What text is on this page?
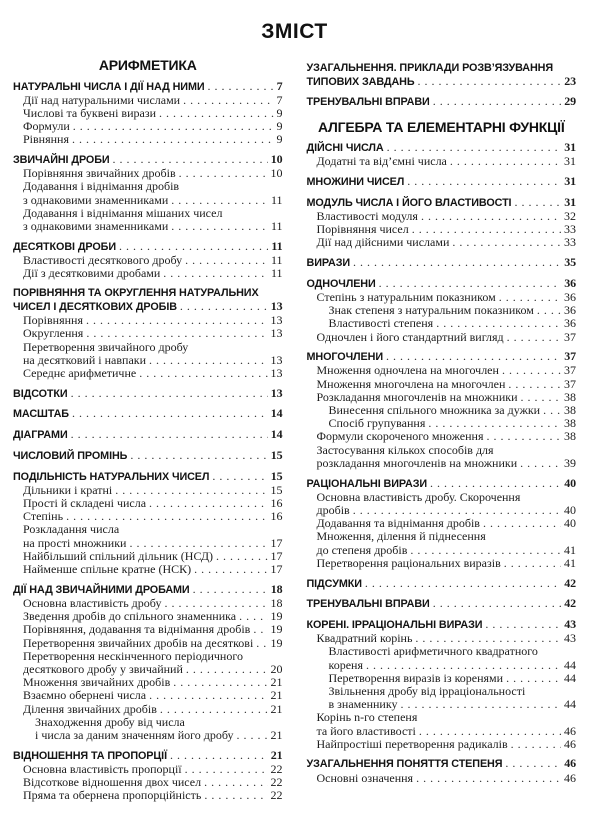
ЗМІСТ
АРИФМЕТИКА
НАТУРАЛЬНІ ЧИСЛА І ДІЇ НАД НИМИ . . .	7
Дії над натуральними числами . . .	7
Числові та буквені вирази . . .	9
Формули . . .	9
Рівняння . . .	9
ЗВИЧАЙНІ ДРОБИ . . .	10
Порівняння звичайних дробів . . .	10
Додавання і віднімання дробів
з однаковими знаменниками . . .	11
Додавання і віднімання мішаних чисел
з однаковими знаменниками . . .	11
ДЕСЯТКОВІ ДРОБИ . . .	11
Властивості десяткового дробу . . .	11
Дії з десятковими дробами . . .	11
ПОРІВНЯННЯ ТА ОКРУГЛЕННЯ НАТУРАЛЬНИХ
ЧИСЕЛ І ДЕСЯТКОВИХ ДРОБІВ . . .	13
Порівняння . . .	13
Округлення . . .	13
Перетворення звичайного дробу
на десятковий і навпаки . . .	13
Середнє арифметичне . . .	13
ВІДСОТКИ . . .	13
МАСШТАБ . . .	14
ДІАГРАМИ . . .	14
ЧИСЛОВИЙ ПРОМІНЬ . . .	15
ПОДІЛЬНІСТЬ НАТУРАЛЬНИХ ЧИСЕЛ . . .	15
Дільники і кратні . . .	15
Прості й складені числа . . .	16
Степінь . . .	16
Розкладання числа
на прості множники . . .	17
Найбільший спільний дільник (НСД) . . .	17
Найменше спільне кратне (НСК) . . .	17
ДІЇ НАД ЗВИЧАЙНИМИ ДРОБАМИ . . .	18
Основна властивість дробу . . .	18
Зведення дробів до спільного знаменника . . .	19
Порівняння, додавання та віднімання дробів . . . 19
Перетворення звичайних дробів на десяткові . . . 19
Перетворення нескінченного періодичного
десяткового дробу у звичайний . . .	20
Множення звичайних дробів . . .	21
Взаємно обернені числа . . .	21
Ділення звичайних дробів . . .	21
Знаходження дробу від числа
і числа за даним значенням його дробу . . .	21
ВІДНОШЕННЯ ТА ПРОПОРЦІЇ . . .	21
Основна властивість пропорції . . .	22
Відсоткове відношення двох чисел . . .	22
Пряма та обернена пропорційність . . .	22
УЗАГАЛЬНЕННЯ. ПРИКЛАДИ РОЗВ’ЯЗУВАННЯ
ТИПОВИХ ЗАВДАНЬ . . .	23
ТРЕНУВАЛЬНІ ВПРАВИ . . .	29
АЛГЕБРА ТА ЕЛЕМЕНТАРНІ ФУНКЦІЇ
ДІЙСНІ ЧИСЛА . . .	31
Додатні та від’ємні числа . . .	31
МНОЖИНИ ЧИСЕЛ . . .	31
МОДУЛЬ ЧИСЛА І ЙОГО ВЛАСТИВОСТІ . . .	31
Властивості модуля . . .	32
Порівняння чисел . . .	33
Дії над дійсними числами . . .	33
ВИРАЗИ . . .	35
ОДНОЧЛЕНИ . . .	36
Степінь з натуральним показником . . .	36
Знак степеня з натуральним показником . . .	36
Властивості степеня . . .	36
Одночлен і його стандартний вигляд . . .	37
МНОГОЧЛЕНИ . . .	37
Множення одночлена на многочлен . . .	37
Множення многочлена на многочлен . . .	37
Розкладання многочленів на множники . . .	38
Винесення спільного множника за дужки . . . 38
Спосіб групування . . .	38
Формули скороченого множення . . .	38
Застосування кількох способів для
розкладання многочленів на множники . . .	39
РАЦІОНАЛЬНІ ВИРАЗИ . . .	40
Основна властивість дробу. Скорочення
дробів . . .	40
Додавання та віднімання дробів . . .	40
Множення, ділення й піднесення
до степеня дробів . . .	41
Перетворення раціональних виразів . . .	41
ПІДСУМКИ . . .	42
ТРЕНУВАЛЬНІ ВПРАВИ . . .	42
КОРЕНІ. ІРРАЦІОНАЛЬНІ ВИРАЗИ . . .	43
Квадратний корінь . . .	43
Властивості арифметичного квадратного
кореня . . .	44
Перетворення виразів із коренями . . .	44
Звільнення дробу від ірраціональності
в знаменнику . . .	44
Корінь n-го степеня
та його властивості . . .	46
Найпростіші перетворення радикалів . . .	46
УЗАГАЛЬНЕННЯ ПОНЯТТЯ СТЕПЕНЯ . . .	46
Основні означення . . .	46
